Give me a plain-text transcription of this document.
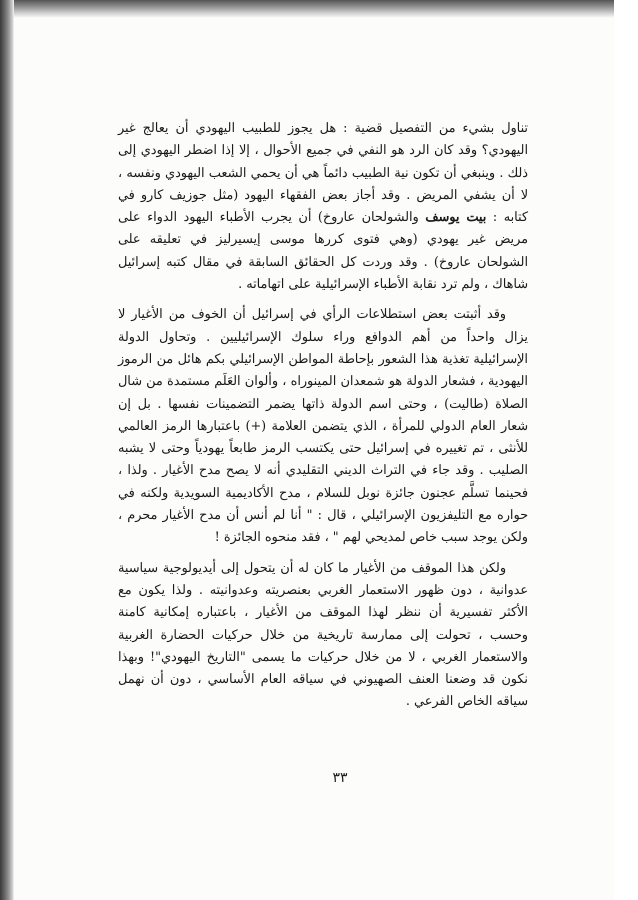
تناول بشيء من التفصيل قضية : هل يجوز للطبيب اليهودي أن يعالج غير اليهودي؟ وقد كان الرد هو النفي في جميع الأحوال ، إلا إذا اضطر اليهودي إلى ذلك . وينبغي أن تكون نية الطبيب دائماً هي أن يحمي الشعب اليهودي ونفسه ، لا أن يشفي المريض . وقد أجاز بعض الفقهاء اليهود (مثل جوزيف كارو في كتابه : بيت يوسف والشولحان عاروخ) أن يجرب الأطباء اليهود الدواء على مريض غير يهودي (وهي فتوى كررها موسى إيسيرليز في تعليقه على الشولحان عاروخ) . وقد وردت كل الحقائق السابقة في مقال كتبه إسرائيل شاهاك ، ولم ترد نقابة الأطباء الإسرائيلية على اتهاماته .

وقد أثبتت بعض استطلاعات الرأي في إسرائيل أن الخوف من الأغيار لا يزال واحداً من أهم الدوافع وراء سلوك الإسرائيليين . وتحاول الدولة الإسرائيلية تغذية هذا الشعور بإحاطة المواطن الإسرائيلي بكم هائل من الرموز اليهودية ، فشعار الدولة هو شمعدان المينوراه ، وألوان العَلَم مستمدة من شال الصلاة (طاليت) ، وحتى اسم الدولة ذاتها يضمر التضمينات نفسها . بل إن شعار العام الدولي للمرأة ، الذي يتضمن العلامة (+) باعتبارها الرمز العالمي للأنثى ، تم تغييره في إسرائيل حتى يكتسب الرمز طابعاً يهودياً وحتى لا يشبه الصليب . وقد جاء في التراث الديني التقليدي أنه لا يصح مدح الأغيار . ولذا ، فحينما تسلَّم عجنون جائزة نوبل للسلام ، مدح الأكاديمية السويدية ولكنه في حواره مع التليفزيون الإسرائيلي ، قال : " أنا لم أنس أن مدح الأغيار محرم ، ولكن يوجد سبب خاص لمديحي لهم " ، فقد منحوه الجائزة !

ولكن هذا الموقف من الأغيار ما كان له أن يتحول إلى أيديولوجية سياسية عدوانية ، دون ظهور الاستعمار الغربي بعنصريته وعدوانيته . ولذا يكون مع الأكثر تفسيرية أن ننظر لهذا الموقف من الأغيار ، باعتباره إمكانية كامنة وحسب ، تحولت إلى ممارسة تاريخية من خلال حركيات الحضارة الغربية والاستعمار الغربي ، لا من خلال حركيات ما يسمى "التاريخ اليهودي"! وبهذا نكون قد وضعنا العنف الصهيوني في سياقه العام الأساسي ، دون أن نهمل سياقه الخاص الفرعي .

٣٣
